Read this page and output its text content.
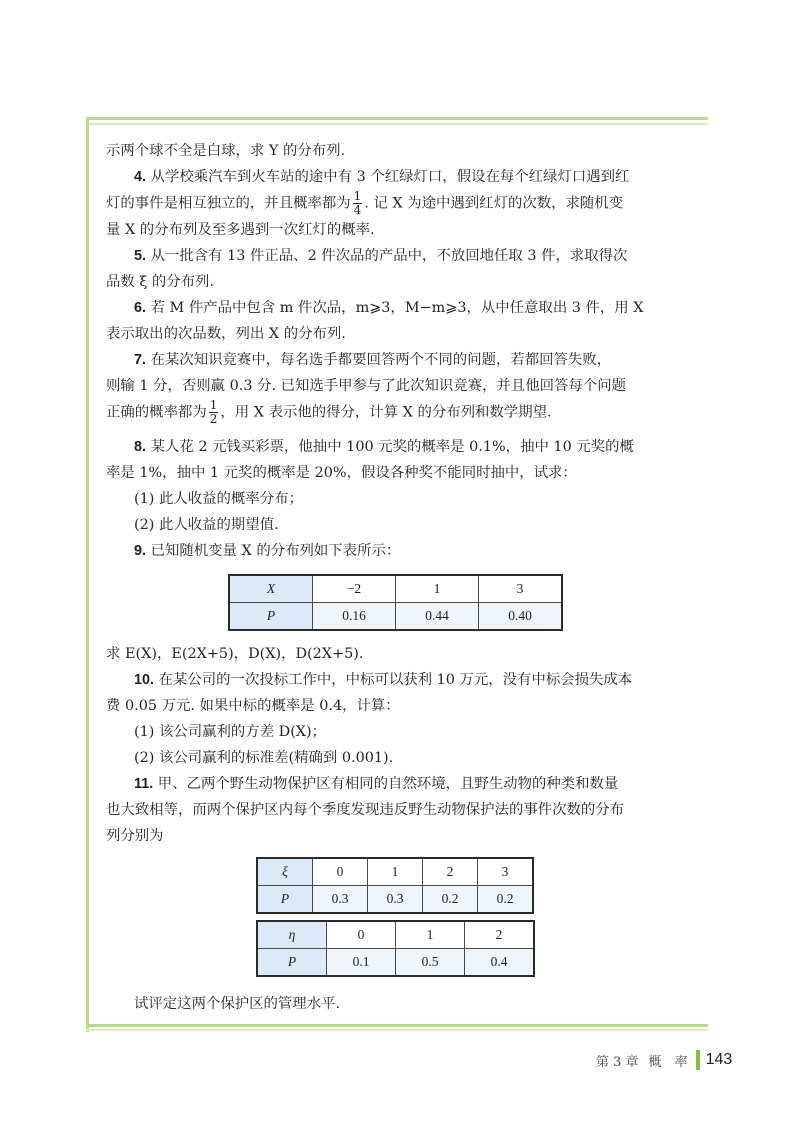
示两个球不全是白球，求 Y 的分布列.

4. 从学校乘汽车到火车站的途中有 3 个红绿灯口，假设在每个红绿灯口遇到红

灯的事件是相互独立的，并且概率都为 $\frac{1}{4}$ . 记 X 为途中遇到红灯的次数，求随机变

量 X 的分布列及至多遇到一次红灯的概率.

5. 从一批含有 13 件正品、2 件次品的产品中，不放回地任取 3 件，求取得次

品数 ξ 的分布列.

6. 若 M 件产品中包含 m 件次品，m⩾3，M−m⩾3，从中任意取出 3 件，用 X

表示取出的次品数，列出 X 的分布列.

7. 在某次知识竞赛中，每名选手都要回答两个不同的问题，若都回答失败，

则输 1 分，否则赢 0.3 分. 已知选手甲参与了此次知识竞赛，并且他回答每个问题

正确的概率都为 $\frac{1}{2}$ ，用 X 表示他的得分，计算 X 的分布列和数学期望.

8. 某人花 2 元钱买彩票，他抽中 100 元奖的概率是 0.1%，抽中 10 元奖的概

率是 1%，抽中 1 元奖的概率是 20%，假设各种奖不能同时抽中，试求：

(1) 此人收益的概率分布；

(2) 此人收益的期望值.

9. 已知随机变量 X 的分布列如下表所示：

X	−2	1	3
P	0.16	0.44	0.40

求 E(X)，E(2X+5)，D(X)，D(2X+5).

10. 在某公司的一次投标工作中，中标可以获利 10 万元，没有中标会损失成本

费 0.05 万元. 如果中标的概率是 0.4，计算：

(1) 该公司赢利的方差 D(X)；

(2) 该公司赢利的标准差(精确到 0.001).

11. 甲、乙两个野生动物保护区有相同的自然环境，且野生动物的种类和数量

也大致相等，而两个保护区内每个季度发现违反野生动物保护法的事件次数的分布

列分别为

ξ	0	1	2	3
P	0.3	0.3	0.2	0.2
η	0	1	2
P	0.1	0.5	0.4

试评定这两个保护区的管理水平.

第 3 章 概　率 143
